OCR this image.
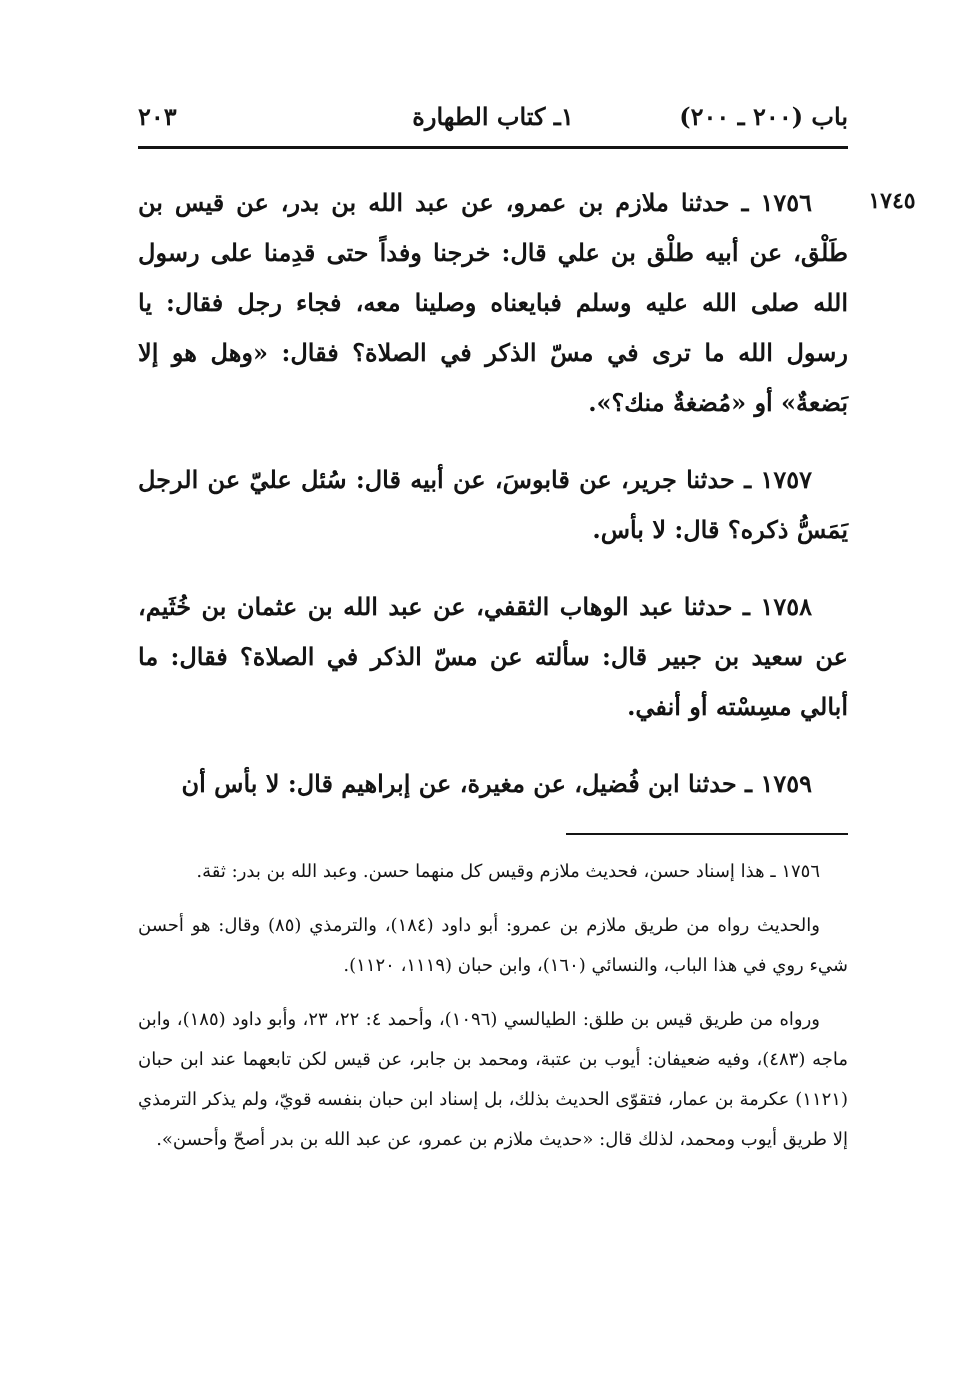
باب (٢٠٠ ـ ٢٠٠)
١ـ كتاب الطهارة
٢٠٣
١٧٤٥

١٧٥٦ ـ حدثنا ملازم بن عمرو، عن عبد الله بن بدر، عن قيس بن طَلْق، عن أبيه طلْق بن علي قال: خرجنا وفداً حتى قدِمنا على رسول الله صلى الله عليه وسلم فبايعناه وصلينا معه، فجاء رجل فقال: يا رسول الله ما ترى في مسّ الذكر في الصلاة؟ فقال: «وهل هو إلا بَضعةٌ» أو «مُضغةٌ منك؟».

١٧٥٧ ـ حدثنا جرير، عن قابوسَ، عن أبيه قال: سُئل عليّ عن الرجل يَمَسُّ ذكره؟ قال: لا بأس.

١٧٥٨ ـ حدثنا عبد الوهاب الثقفي، عن عبد الله بن عثمان بن خُثَيم، عن سعيد بن جبير قال: سألته عن مسّ الذكر في الصلاة؟ فقال: ما أبالي مسِسْته أو أنفي.

١٧٥٩ ـ حدثنا ابن فُضيل، عن مغيرة، عن إبراهيم قال: لا بأس أن

١٧٥٦ ـ هذا إسناد حسن، فحديث ملازم وقيس كل منهما حسن. وعبد الله بن بدر: ثقة.

والحديث رواه من طريق ملازم بن عمرو: أبو داود (١٨٤)، والترمذي (٨٥) وقال: هو أحسن شيء روي في هذا الباب، والنسائي (١٦٠)، وابن حبان (١١١٩، ١١٢٠).

ورواه من طريق قيس بن طلق: الطيالسي (١٠٩٦)، وأحمد ٤: ٢٢، ٢٣، وأبو داود (١٨٥)، وابن ماجه (٤٨٣)، وفيه ضعيفان: أيوب بن عتبة، ومحمد بن جابر، عن قيس لكن تابعهما عند ابن حبان (١١٢١) عكرمة بن عمار، فتقوّى الحديث بذلك، بل إسناد ابن حبان بنفسه قويّ، ولم يذكر الترمذي إلا طريق أيوب ومحمد، لذلك قال: «حديث ملازم بن عمرو، عن عبد الله بن بدر أصحّ وأحسن».
